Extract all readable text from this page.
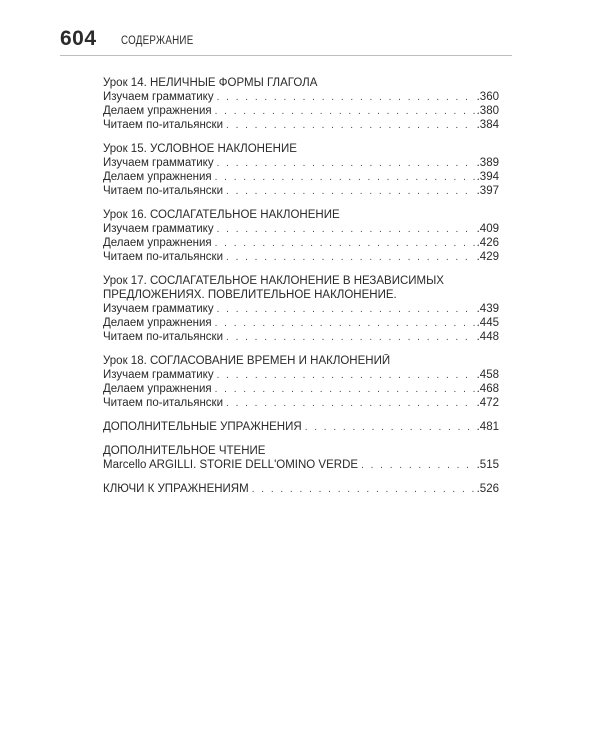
604 СОДЕРЖАНИЕ
Урок 14. НЕЛИЧНЫЕ ФОРМЫ ГЛАГОЛА
Изучаем грамматику . . .	.360
Делаем упражнения . . .	.380
Читаем по-итальянски . . .	.384
Урок 15. УСЛОВНОЕ НАКЛОНЕНИЕ
Изучаем грамматику . . .	.389
Делаем упражнения . . .	.394
Читаем по-итальянски . . .	.397
Урок 16. СОСЛАГАТЕЛЬНОЕ НАКЛОНЕНИЕ
Изучаем грамматику . . .	.409
Делаем упражнения . . .	.426
Читаем по-итальянски . . .	.429
Урок 17. СОСЛАГАТЕЛЬНОЕ НАКЛОНЕНИЕ В НЕЗАВИСИМЫХ ПРЕДЛОЖЕНИЯХ. ПОВЕЛИТЕЛЬНОЕ НАКЛОНЕНИЕ.
Изучаем грамматику . . .	.439
Делаем упражнения . . .	.445
Читаем по-итальянски . . .	.448
Урок 18. СОГЛАСОВАНИЕ ВРЕМЕН И НАКЛОНЕНИЙ
Изучаем грамматику . . .	.458
Делаем упражнения . . .	.468
Читаем по-итальянски . . .	.472
ДОПОЛНИТЕЛЬНЫЕ УПРАЖНЕНИЯ . . .	.481
ДОПОЛНИТЕЛЬНОЕ ЧТЕНИЕ
Marcello ARGILLI. STORIE DELL'OMINO VERDE . . .	.515
КЛЮЧИ К УПРАЖНЕНИЯМ . . .	.526
